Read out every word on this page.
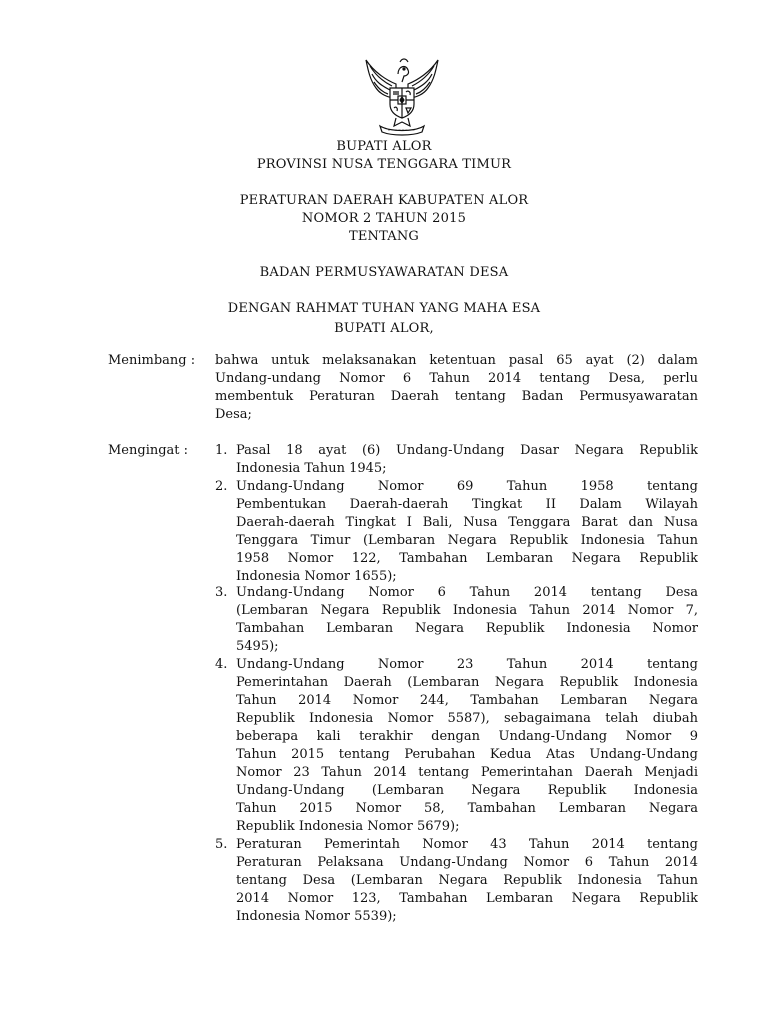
BUPATI ALOR
PROVINSI NUSA TENGGARA TIMUR
PERATURAN DAERAH KABUPATEN ALOR
NOMOR 2 TAHUN 2015
TENTANG
BADAN PERMUSYAWARATAN DESA
DENGAN RAHMAT TUHAN YANG MAHA ESA
BUPATI ALOR,
Menimbang : bahwa untuk melaksanakan ketentuan pasal 65 ayat (2) dalam
Undang-undang Nomor 6 Tahun 2014 tentang Desa, perlu
membentuk Peraturan Daerah tentang Badan Permusyawaratan
Desa;
Mengingat : 1. Pasal 18 ayat (6) Undang-Undang Dasar Negara Republik
Indonesia Tahun 1945;
2. Undang-Undang Nomor 69 Tahun 1958 tentang
Pembentukan Daerah-daerah Tingkat II Dalam Wilayah
Daerah-daerah Tingkat I Bali, Nusa Tenggara Barat dan Nusa
Tenggara Timur (Lembaran Negara Republik Indonesia Tahun
1958 Nomor 122, Tambahan Lembaran Negara Republik
Indonesia Nomor 1655);
3. Undang-Undang Nomor 6 Tahun 2014 tentang Desa
(Lembaran Negara Republik Indonesia Tahun 2014 Nomor 7,
Tambahan Lembaran Negara Republik Indonesia Nomor
5495);
4. Undang-Undang Nomor 23 Tahun 2014 tentang
Pemerintahan Daerah (Lembaran Negara Republik Indonesia
Tahun 2014 Nomor 244, Tambahan Lembaran Negara
Republik Indonesia Nomor 5587), sebagaimana telah diubah
beberapa kali terakhir dengan Undang-Undang Nomor 9
Tahun 2015 tentang Perubahan Kedua Atas Undang-Undang
Nomor 23 Tahun 2014 tentang Pemerintahan Daerah Menjadi
Undang-Undang (Lembaran Negara Republik Indonesia
Tahun 2015 Nomor 58, Tambahan Lembaran Negara
Republik Indonesia Nomor 5679);
5. Peraturan Pemerintah Nomor 43 Tahun 2014 tentang
Peraturan Pelaksana Undang-Undang Nomor 6 Tahun 2014
tentang Desa (Lembaran Negara Republik Indonesia Tahun
2014 Nomor 123, Tambahan Lembaran Negara Republik
Indonesia Nomor 5539);
